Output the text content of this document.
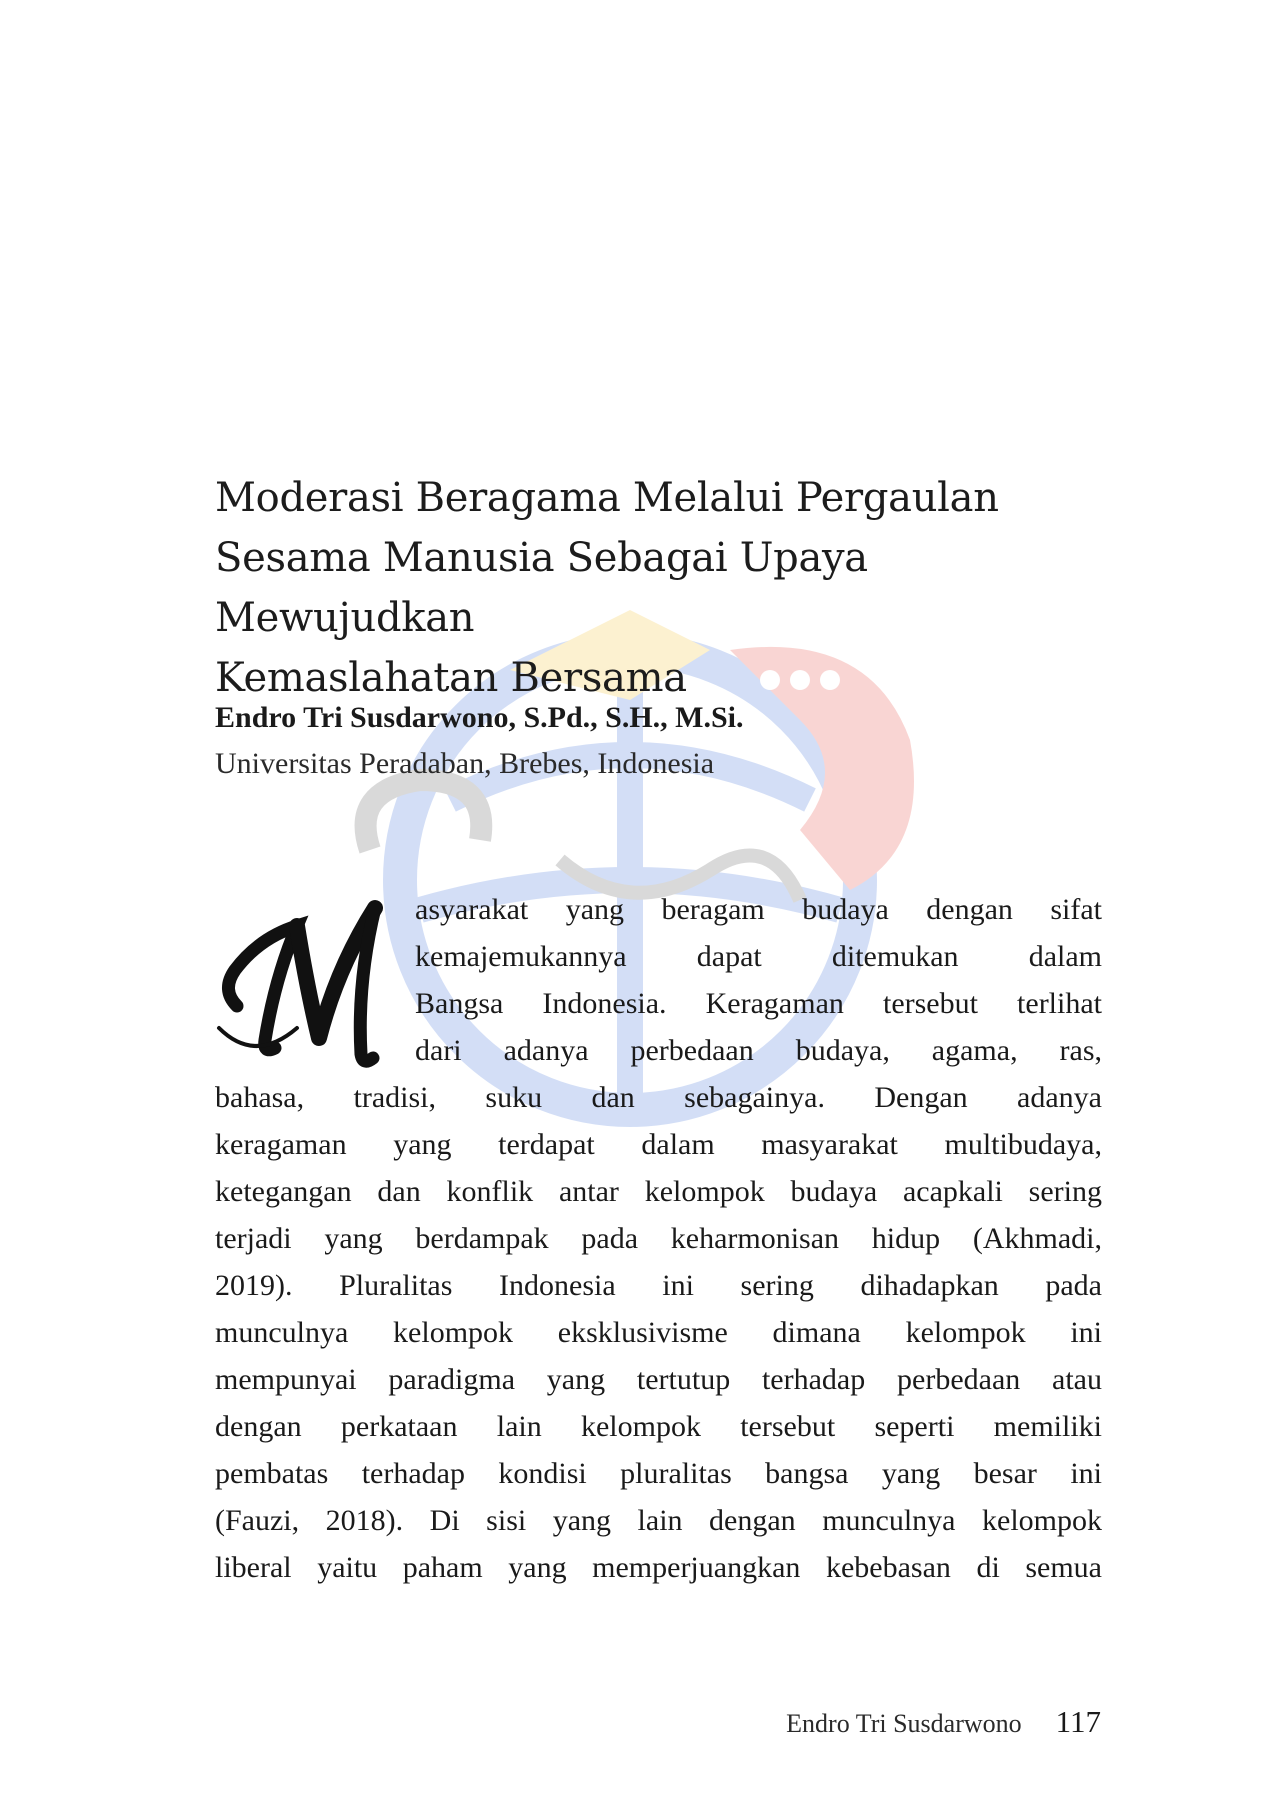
Moderasi Beragama Melalui Pergaulan
Sesama Manusia Sebagai Upaya Mewujudkan
Kemaslahatan Bersama

Endro Tri Susdarwono, S.Pd., S.H., M.Si.

Universitas Peradaban, Brebes, Indonesia

asyarakat yang beragam budaya dengan sifat
kemajemukannya dapat ditemukan dalam
Bangsa Indonesia. Keragaman tersebut terlihat
dari adanya perbedaan budaya, agama, ras,
bahasa, tradisi, suku dan sebagainya. Dengan adanya
keragaman yang terdapat dalam masyarakat multibudaya,
ketegangan dan konflik antar kelompok budaya acapkali sering
terjadi yang berdampak pada keharmonisan hidup (Akhmadi,
2019). Pluralitas Indonesia ini sering dihadapkan pada
munculnya kelompok eksklusivisme dimana kelompok ini
mempunyai paradigma yang tertutup terhadap perbedaan atau
dengan perkataan lain kelompok tersebut seperti memiliki
pembatas terhadap kondisi pluralitas bangsa yang besar ini
(Fauzi, 2018). Di sisi yang lain dengan munculnya kelompok
liberal yaitu paham yang memperjuangkan kebebasan di semua
Endro Tri Susdarwono 117
